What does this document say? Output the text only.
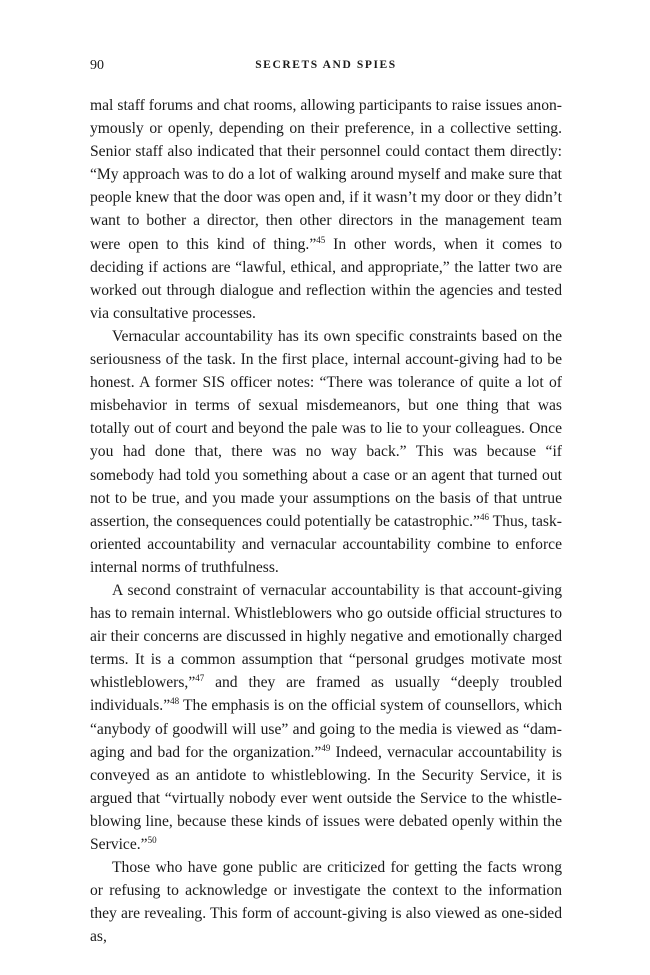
90	SECRETS AND SPIES

mal staff forums and chat rooms, allowing participants to raise issues anonymously or openly, depending on their preference, in a collective setting. Senior staff also indicated that their personnel could contact them directly: “My approach was to do a lot of walking around myself and make sure that people knew that the door was open and, if it wasn’t my door or they didn’t want to bother a director, then other directors in the management team were open to this kind of thing.”$^{45}$ In other words, when it comes to deciding if actions are “lawful, ethical, and appropriate,” the latter two are worked out through dialogue and reflection within the agencies and tested via consultative processes.

Vernacular accountability has its own specific constraints based on the seriousness of the task. In the first place, internal account-giving had to be honest. A former SIS officer notes: “There was tolerance of quite a lot of misbehavior in terms of sexual misdemeanors, but one thing that was totally out of court and beyond the pale was to lie to your colleagues. Once you had done that, there was no way back.” This was because “if somebody had told you something about a case or an agent that turned out not to be true, and you made your assumptions on the basis of that untrue assertion, the consequences could potentially be catastrophic.”$^{46}$ Thus, task-oriented accountability and vernacular accountability combine to enforce internal norms of truthfulness.

A second constraint of vernacular accountability is that account-giving has to remain internal. Whistleblowers who go outside official structures to air their concerns are discussed in highly negative and emotionally charged terms. It is a common assumption that “personal grudges motivate most whistleblowers,”$^{47}$ and they are framed as usually “deeply troubled individuals.”$^{48}$ The emphasis is on the official system of counsellors, which “anybody of goodwill will use” and going to the media is viewed as “damaging and bad for the organization.”$^{49}$ Indeed, vernacular accountability is conveyed as an antidote to whistleblowing. In the Security Service, it is argued that “virtually nobody ever went outside the Service to the whistleblowing line, because these kinds of issues were debated openly within the Service.”$^{50}$

Those who have gone public are criticized for getting the facts wrong or refusing to acknowledge or investigate the context to the information they are revealing. This form of account-giving is also viewed as one-sided as,
